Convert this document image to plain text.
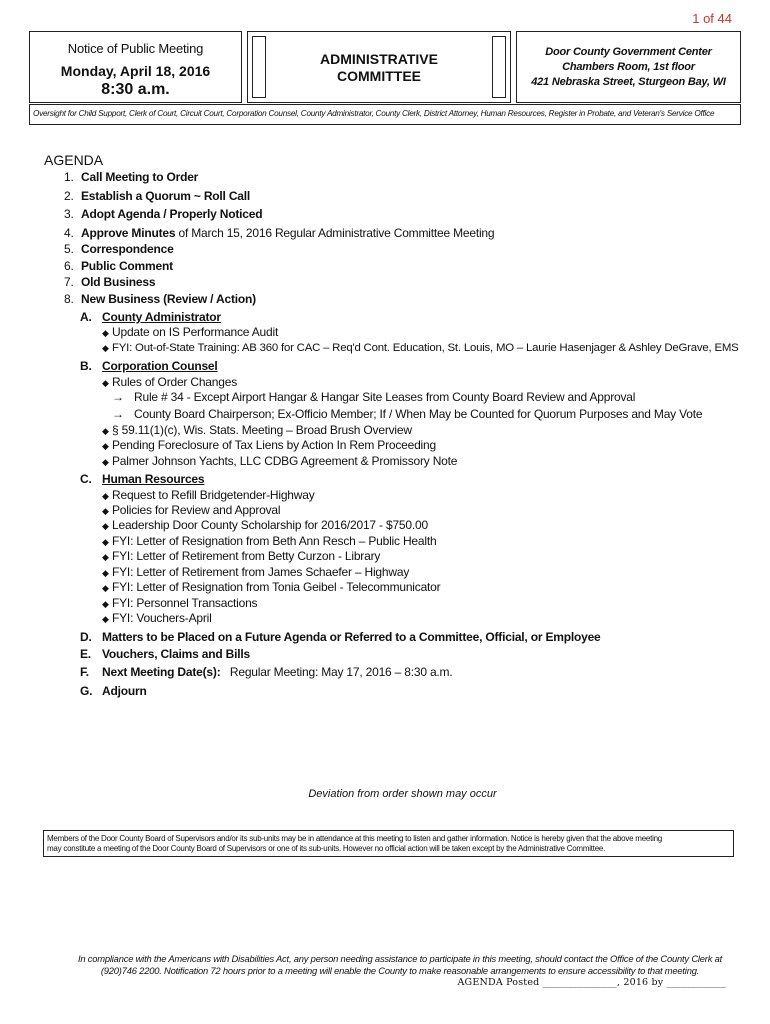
1 of 44
Notice of Public Meeting
Monday, April 18, 2016
8:30 a.m.
ADMINISTRATIVE
COMMITTEE
Door County Government Center
Chambers Room, 1st floor
421 Nebraska Street, Sturgeon Bay, WI
Oversight for Child Support, Clerk of Court, Circuit Court, Corporation Counsel, County Administrator, County Clerk, District Attorney, Human Resources, Register in Probate, and Veteran's Service Office
AGENDA
1. Call Meeting to Order
2. Establish a Quorum ~ Roll Call
3. Adopt Agenda / Properly Noticed
4. Approve Minutes of March 15, 2016 Regular Administrative Committee Meeting
5. Correspondence
6. Public Comment
7. Old Business
8. New Business (Review / Action)
A. County Administrator
◆ Update on IS Performance Audit
◆ FYI: Out-of-State Training: AB 360 for CAC – Req'd Cont. Education, St. Louis, MO – Laurie Hasenjager & Ashley DeGrave, EMS
B. Corporation Counsel
◆ Rules of Order Changes
→ Rule # 34 - Except Airport Hangar & Hangar Site Leases from County Board Review and Approval
→ County Board Chairperson; Ex-Officio Member; If / When May be Counted for Quorum Purposes and May Vote
◆ § 59.11(1)(c), Wis. Stats. Meeting – Broad Brush Overview
◆ Pending Foreclosure of Tax Liens by Action In Rem Proceeding
◆ Palmer Johnson Yachts, LLC CDBG Agreement & Promissory Note
C. Human Resources
◆ Request to Refill Bridgetender-Highway
◆ Policies for Review and Approval
◆ Leadership Door County Scholarship for 2016/2017 - $750.00
◆ FYI: Letter of Resignation from Beth Ann Resch – Public Health
◆ FYI: Letter of Retirement from Betty Curzon - Library
◆ FYI: Letter of Retirement from James Schaefer – Highway
◆ FYI: Letter of Resignation from Tonia Geibel - Telecommunicator
◆ FYI: Personnel Transactions
◆ FYI: Vouchers-April
D. Matters to be Placed on a Future Agenda or Referred to a Committee, Official, or Employee
E. Vouchers, Claims and Bills
F. Next Meeting Date(s): Regular Meeting: May 17, 2016 – 8:30 a.m.
G. Adjourn
Deviation from order shown may occur
Members of the Door County Board of Supervisors and/or its sub-units may be in attendance at this meeting to listen and gather information. Notice is hereby given that the above meeting
may constitute a meeting of the Door County Board of Supervisors or one of its sub-units. However no official action will be taken except by the Administrative Committee.
In compliance with the Americans with Disabilities Act, any person needing assistance to participate in this meeting, should contact the Office of the County Clerk at
(920)746 2200. Notification 72 hours prior to a meeting will enable the County to make reasonable arrangements to ensure accessibility to that meeting.
AGENDA Posted _______________, 2016 by ____________
